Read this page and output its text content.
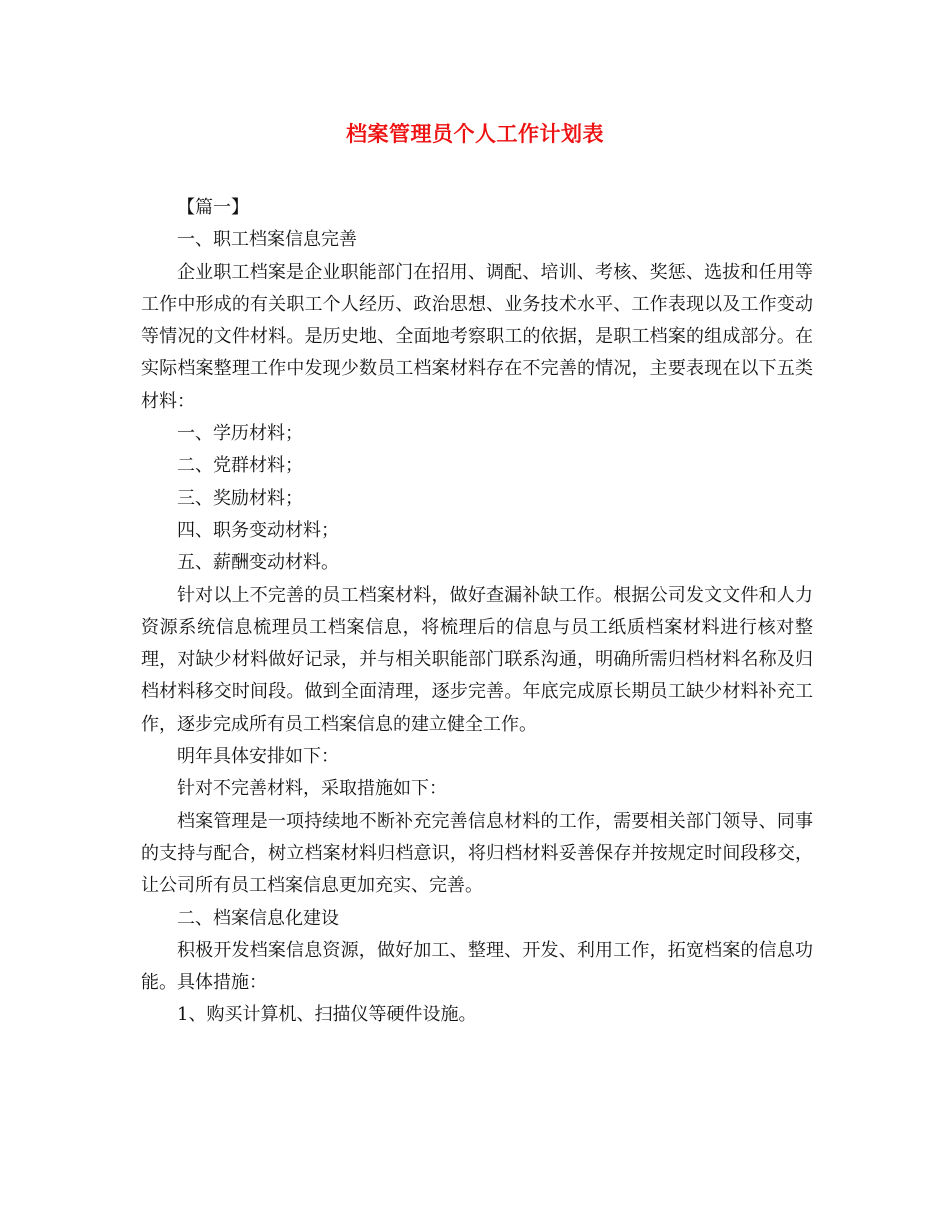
档案管理员个人工作计划表

【篇一】

一、职工档案信息完善

企业职工档案是企业职能部门在招用、调配、培训、考核、奖惩、选拔和任用等工作中形成的有关职工个人经历、政治思想、业务技术水平、工作表现以及工作变动等情况的文件材料。是历史地、全面地考察职工的依据，是职工档案的组成部分。在实际档案整理工作中发现少数员工档案材料存在不完善的情况，主要表现在以下五类材料：

一、学历材料；

二、党群材料；

三、奖励材料；

四、职务变动材料；

五、薪酬变动材料。

针对以上不完善的员工档案材料，做好查漏补缺工作。根据公司发文文件和人力资源系统信息梳理员工档案信息，将梳理后的信息与员工纸质档案材料进行核对整理，对缺少材料做好记录，并与相关职能部门联系沟通，明确所需归档材料名称及归档材料移交时间段。做到全面清理，逐步完善。年底完成原长期员工缺少材料补充工作，逐步完成所有员工档案信息的建立健全工作。

明年具体安排如下：

针对不完善材料，采取措施如下：

档案管理是一项持续地不断补充完善信息材料的工作，需要相关部门领导、同事的支持与配合，树立档案材料归档意识，将归档材料妥善保存并按规定时间段移交，让公司所有员工档案信息更加充实、完善。

二、档案信息化建设

积极开发档案信息资源，做好加工、整理、开发、利用工作，拓宽档案的信息功能。具体措施：

1、购买计算机、扫描仪等硬件设施。
